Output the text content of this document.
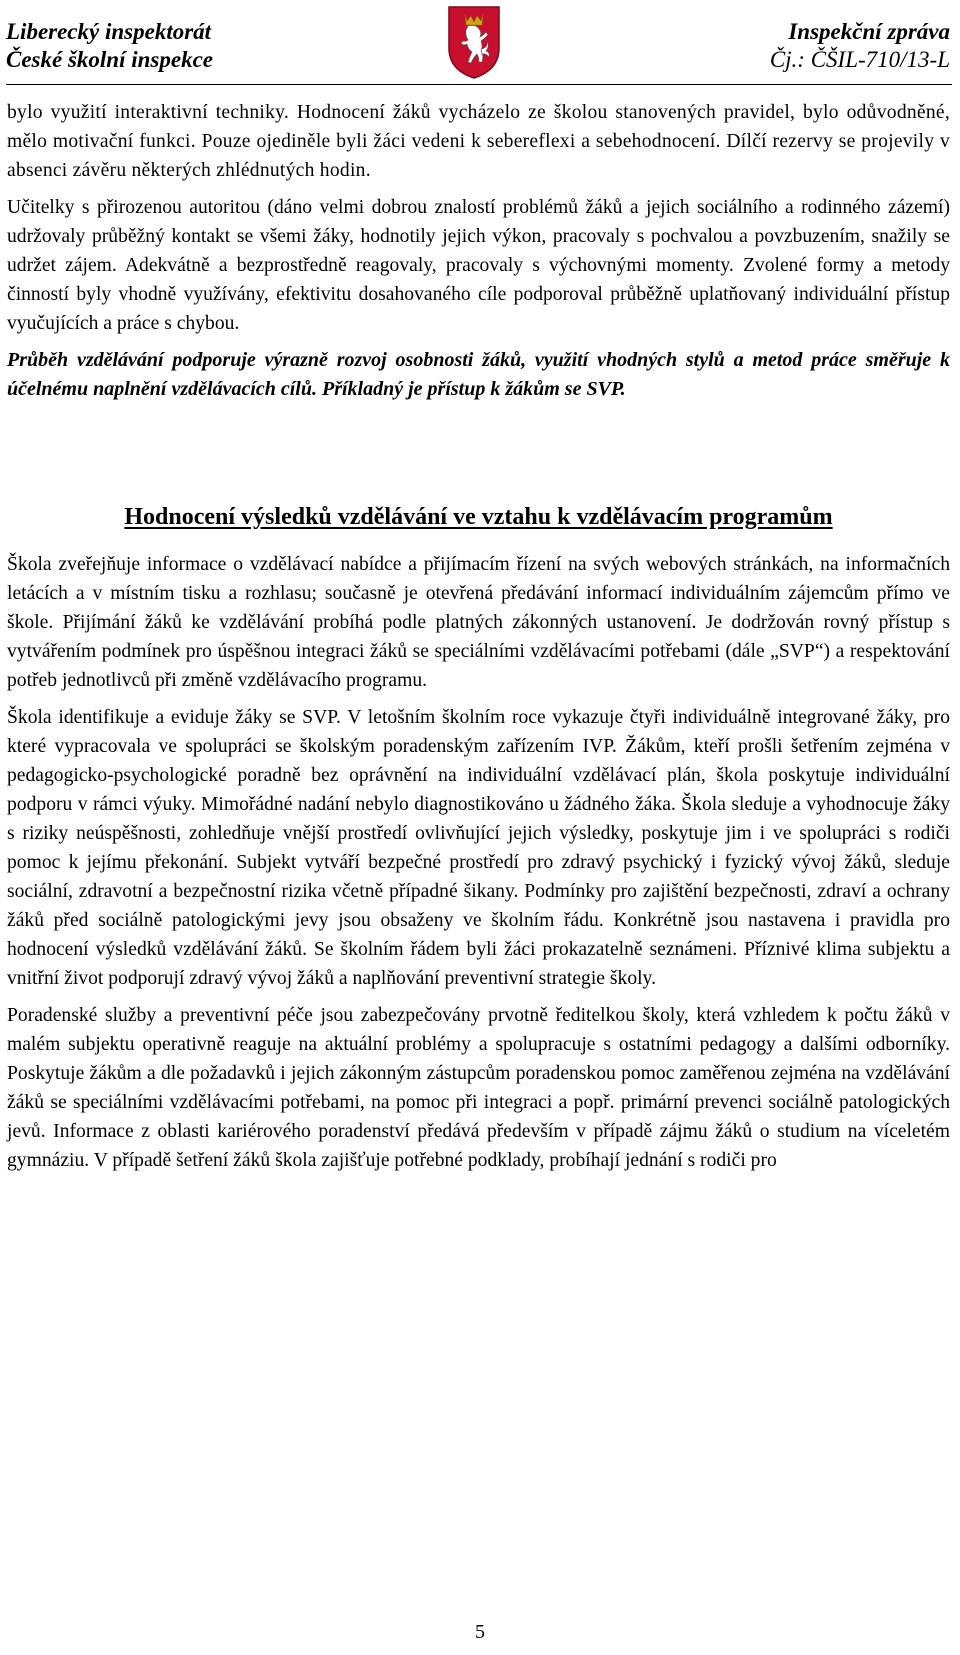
Liberecký inspektorát
České školní inspekce
Inspekční zpráva
Čj.: ČŠIL-710/13-L

bylo využití interaktivní techniky. Hodnocení žáků vycházelo ze školou stanovených pravidel, bylo odůvodněné, mělo motivační funkci. Pouze ojediněle byli žáci vedeni k sebereflexi a sebehodnocení. Dílčí rezervy se projevily v absenci závěru některých zhlédnutých hodin.

Učitelky s přirozenou autoritou (dáno velmi dobrou znalostí problémů žáků a jejich sociálního a rodinného zázemí) udržovaly průběžný kontakt se všemi žáky, hodnotily jejich výkon, pracovaly s pochvalou a povzbuzením, snažily se udržet zájem. Adekvátně a bezprostředně reagovaly, pracovaly s výchovnými momenty. Zvolené formy a metody činností byly vhodně využívány, efektivitu dosahovaného cíle podporoval průběžně uplatňovaný individuální přístup vyučujících a práce s chybou.

Průběh vzdělávání podporuje výrazně rozvoj osobnosti žáků, využití vhodných stylů a metod práce směřuje k účelnému naplnění vzdělávacích cílů. Příkladný je přístup k žákům se SVP.

Hodnocení výsledků vzdělávání ve vztahu k vzdělávacím programům

Škola zveřejňuje informace o vzdělávací nabídce a přijímacím řízení na svých webových stránkách, na informačních letácích a v místním tisku a rozhlasu; současně je otevřená předávání informací individuálním zájemcům přímo ve škole. Přijímání žáků ke vzdělávání probíhá podle platných zákonných ustanovení. Je dodržován rovný přístup s vytvářením podmínek pro úspěšnou integraci žáků se speciálními vzdělávacími potřebami (dále „SVP“) a respektování potřeb jednotlivců při změně vzdělávacího programu.

Škola identifikuje a eviduje žáky se SVP. V letošním školním roce vykazuje čtyři individuálně integrované žáky, pro které vypracovala ve spolupráci se školským poradenským zařízením IVP. Žákům, kteří prošli šetřením zejména v pedagogicko-psychologické poradně bez oprávnění na individuální vzdělávací plán, škola poskytuje individuální podporu v rámci výuky. Mimořádné nadání nebylo diagnostikováno u žádného žáka. Škola sleduje a vyhodnocuje žáky s riziky neúspěšnosti, zohledňuje vnější prostředí ovlivňující jejich výsledky, poskytuje jim i ve spolupráci s rodiči pomoc k jejímu překonání. Subjekt vytváří bezpečné prostředí pro zdravý psychický i fyzický vývoj žáků, sleduje sociální, zdravotní a bezpečnostní rizika včetně případné šikany. Podmínky pro zajištění bezpečnosti, zdraví a ochrany žáků před sociálně patologickými jevy jsou obsaženy ve školním řádu. Konkrétně jsou nastavena i pravidla pro hodnocení výsledků vzdělávání žáků. Se školním řádem byli žáci prokazatelně seznámeni. Příznivé klima subjektu a vnitřní život podporují zdravý vývoj žáků a naplňování preventivní strategie školy.

Poradenské služby a preventivní péče jsou zabezpečovány prvotně ředitelkou školy, která vzhledem k počtu žáků v malém subjektu operativně reaguje na aktuální problémy a spolupracuje s ostatními pedagogy a dalšími odborníky. Poskytuje žákům a dle požadavků i jejich zákonným zástupcům poradenskou pomoc zaměřenou zejména na vzdělávání žáků se speciálními vzdělávacími potřebami, na pomoc při integraci a popř. primární prevenci sociálně patologických jevů. Informace z oblasti kariérového poradenství předává především v případě zájmu žáků o studium na víceletém gymnáziu. V případě šetření žáků škola zajišťuje potřebné podklady, probíhají jednání s rodiči pro

5
